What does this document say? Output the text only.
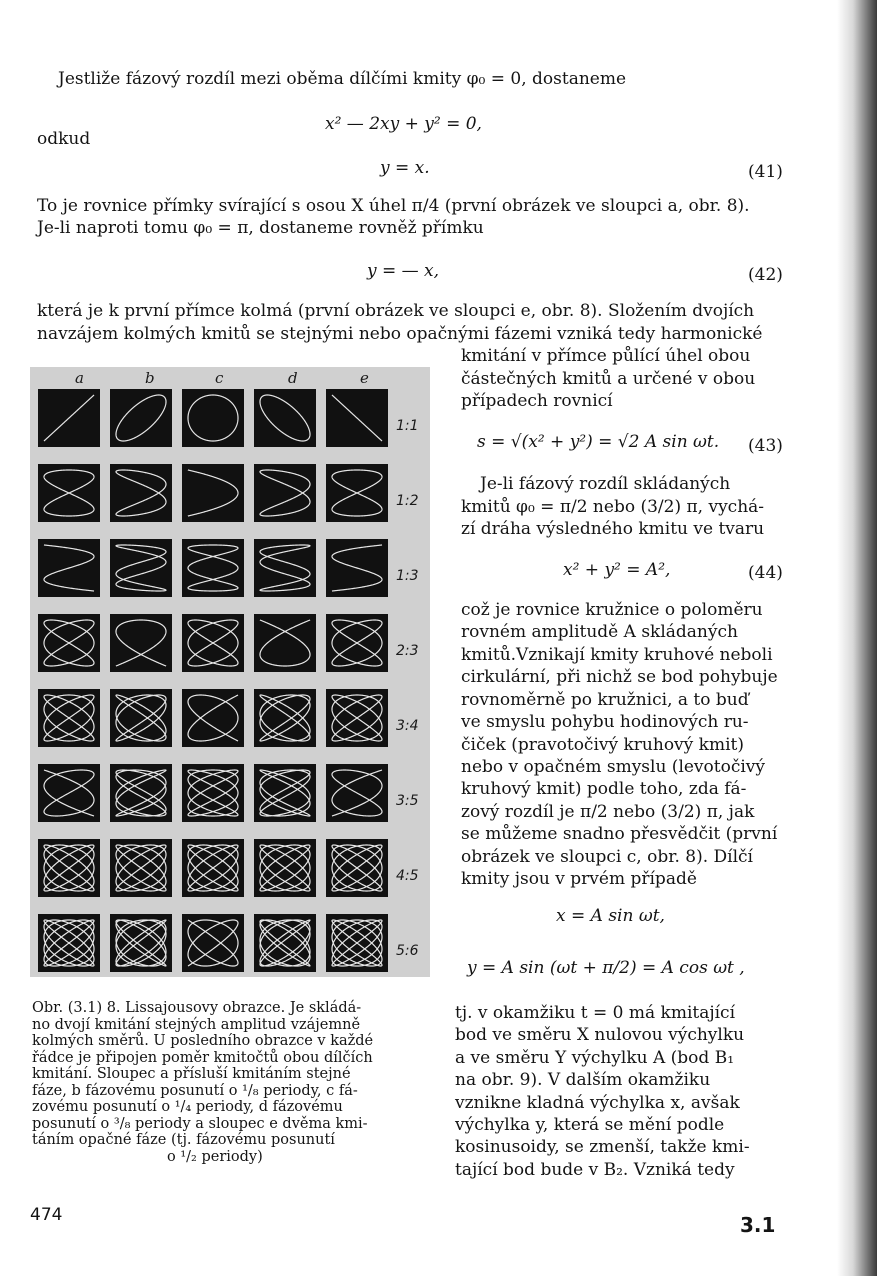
Jestliže fázový rozdíl mezi oběma dílčími kmity φ₀ = 0, dostaneme
x² — 2xy + y² = 0,
odkud
y = x.	(41)
To je rovnice přímky svírající s osou X úhel π/4 (první obrázek ve sloupci a, obr. 8).
Je-li naproti tomu φ₀ = π, dostaneme rovněž přímku
y = — x,	(42)
která je k první přímce kolmá (první obrázek ve sloupci e, obr. 8). Složením dvojích
navzájem kolmých kmitů se stejnými nebo opačnými fázemi vzniká tedy harmonické
kmitání v přímce půlící úhel obou
částečných kmitů a určené v obou
případech rovnicí
s = √(x² + y²) = √2 A sin ωt. (43)
Je-li fázový rozdíl skládaných
kmitů φ₀ = π/2 nebo (3/2) π, vychá-
zí dráha výsledného kmitu ve tvaru
x² + y² = A²,	(44)
což je rovnice kružnice o poloměru
rovném amplitudě A skládaných
kmitů.Vznikají kmity kruhové neboli
cirkulární, při nichž se bod pohybuje
rovnoměrně po kružnici, a to buď
ve smyslu pohybu hodinových ru-
čiček (pravotočivý kruhový kmit)
nebo v opačném smyslu (levotočivý
kruhový kmit) podle toho, zda fá-
zový rozdíl je π/2 nebo (3/2) π, jak
se můžeme snadno přesvědčit (první
obrázek ve sloupci c, obr. 8). Dílčí
kmity jsou v prvém případě
x = A sin ωt,
y = A sin (ωt + π/2) = A cos ωt ,
tj. v okamžiku t = 0 má kmitající
bod ve směru X nulovou výchylku
a ve směru Y výchylku A (bod B₁
na obr. 9). V dalším okamžiku
vznikne kladná výchylka x, avšak
výchylka y, která se mění podle
kosinusoidy, se zmenší, takže kmi-
tající bod bude v B₂. Vzniká tedy
a	b	c	d	e
1:1
1:2
1:3
2:3
3:4
3:5
4:5
5:6

Obr. (3.1) 8. Lissajousovy obrazce. Je skládá-

no dvojí kmitání stejných amplitud vzájemně

kolmých směrů. U posledního obrazce v každé

řádce je připojen poměr kmitočtů obou dílčích

kmitání. Sloupec a přísluší kmitáním stejné

fáze, b fázovému posunutí o ¹/₈ periody, c fá-

zovému posunutí o ¹/₄ periody, d fázovému

posunutí o ³/₈ periody a sloupec e dvěma kmi-

táním opačné fáze (tj. fázovému posunutí

o ¹/₂ periody)

474	3.1
